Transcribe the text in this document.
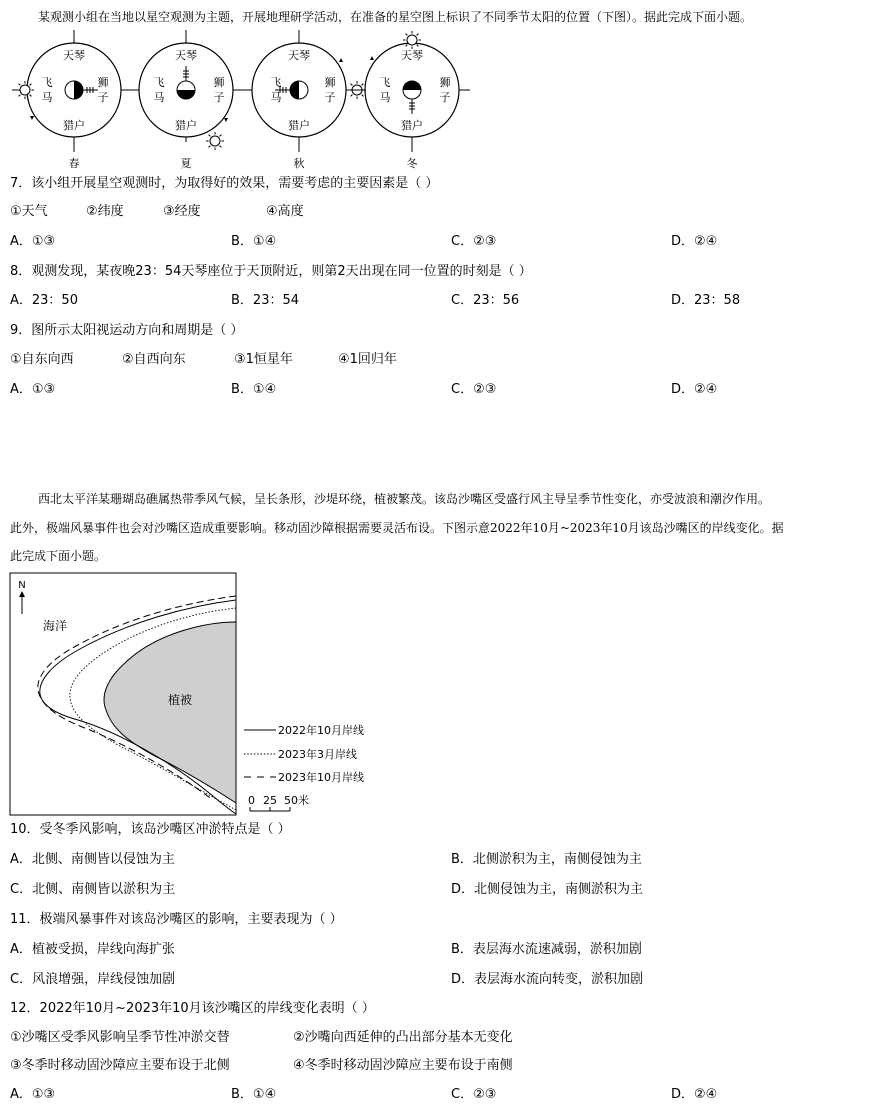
某观测小组在当地以星空观测为主题，开展地理研学活动，在准备的星空图上标识了不同季节太阳的位置（下图）。据此完成下面小题。
天琴
飞
马
狮
子
猎户
春
天琴
飞
马
狮
子
猎户
夏
天琴
飞
马
狮
子
猎户
秋
天琴
飞
马
狮
子
猎户
冬
7．该小组开展星空观测时，为取得好的效果，需要考虑的主要因素是（ ）
①天气	②纬度	③经度	④高度
A．①③	B．①④	C．②③	D．②④
8．观测发现，某夜晚23：54天琴座位于天顶附近，则第2天出现在同一位置的时刻是（ ）
A．23：50	B．23：54	C．23：56	D．23：58
9．图所示太阳视运动方向和周期是（ ）
①自东向西	②自西向东	③1恒星年	④1回归年
A．①③	B．①④	C．②③	D．②④
西北太平洋某珊瑚岛礁属热带季风气候，呈长条形，沙堤环绕，植被繁茂。该岛沙嘴区受盛行风主导呈季节性变化，亦受波浪和潮汐作用。
此外，极端风暴事件也会对沙嘴区造成重要影响。移动固沙障根据需要灵活布设。下图示意2022年10月~2023年10月该岛沙嘴区的岸线变化。据
此完成下面小题。
N
海洋
植被
2022年10月岸线
2023年3月岸线
2023年10月岸线
0 25 50米
10．受冬季风影响，该岛沙嘴区冲淤特点是（ ）
A．北侧、南侧皆以侵蚀为主	B．北侧淤积为主，南侧侵蚀为主
C．北侧、南侧皆以淤积为主	D．北侧侵蚀为主，南侧淤积为主
11．极端风暴事件对该岛沙嘴区的影响，主要表现为（ ）
A．植被受损，岸线向海扩张	B．表层海水流速减弱，淤积加剧
C．风浪增强，岸线侵蚀加剧	D．表层海水流向转变，淤积加剧
12．2022年10月~2023年10月该沙嘴区的岸线变化表明（ ）
①沙嘴区受季风影响呈季节性冲淤交替	②沙嘴向西延伸的凸出部分基本无变化
③冬季时移动固沙障应主要布设于北侧	④冬季时移动固沙障应主要布设于南侧
A．①③	B．①④	C．②③	D．②④
